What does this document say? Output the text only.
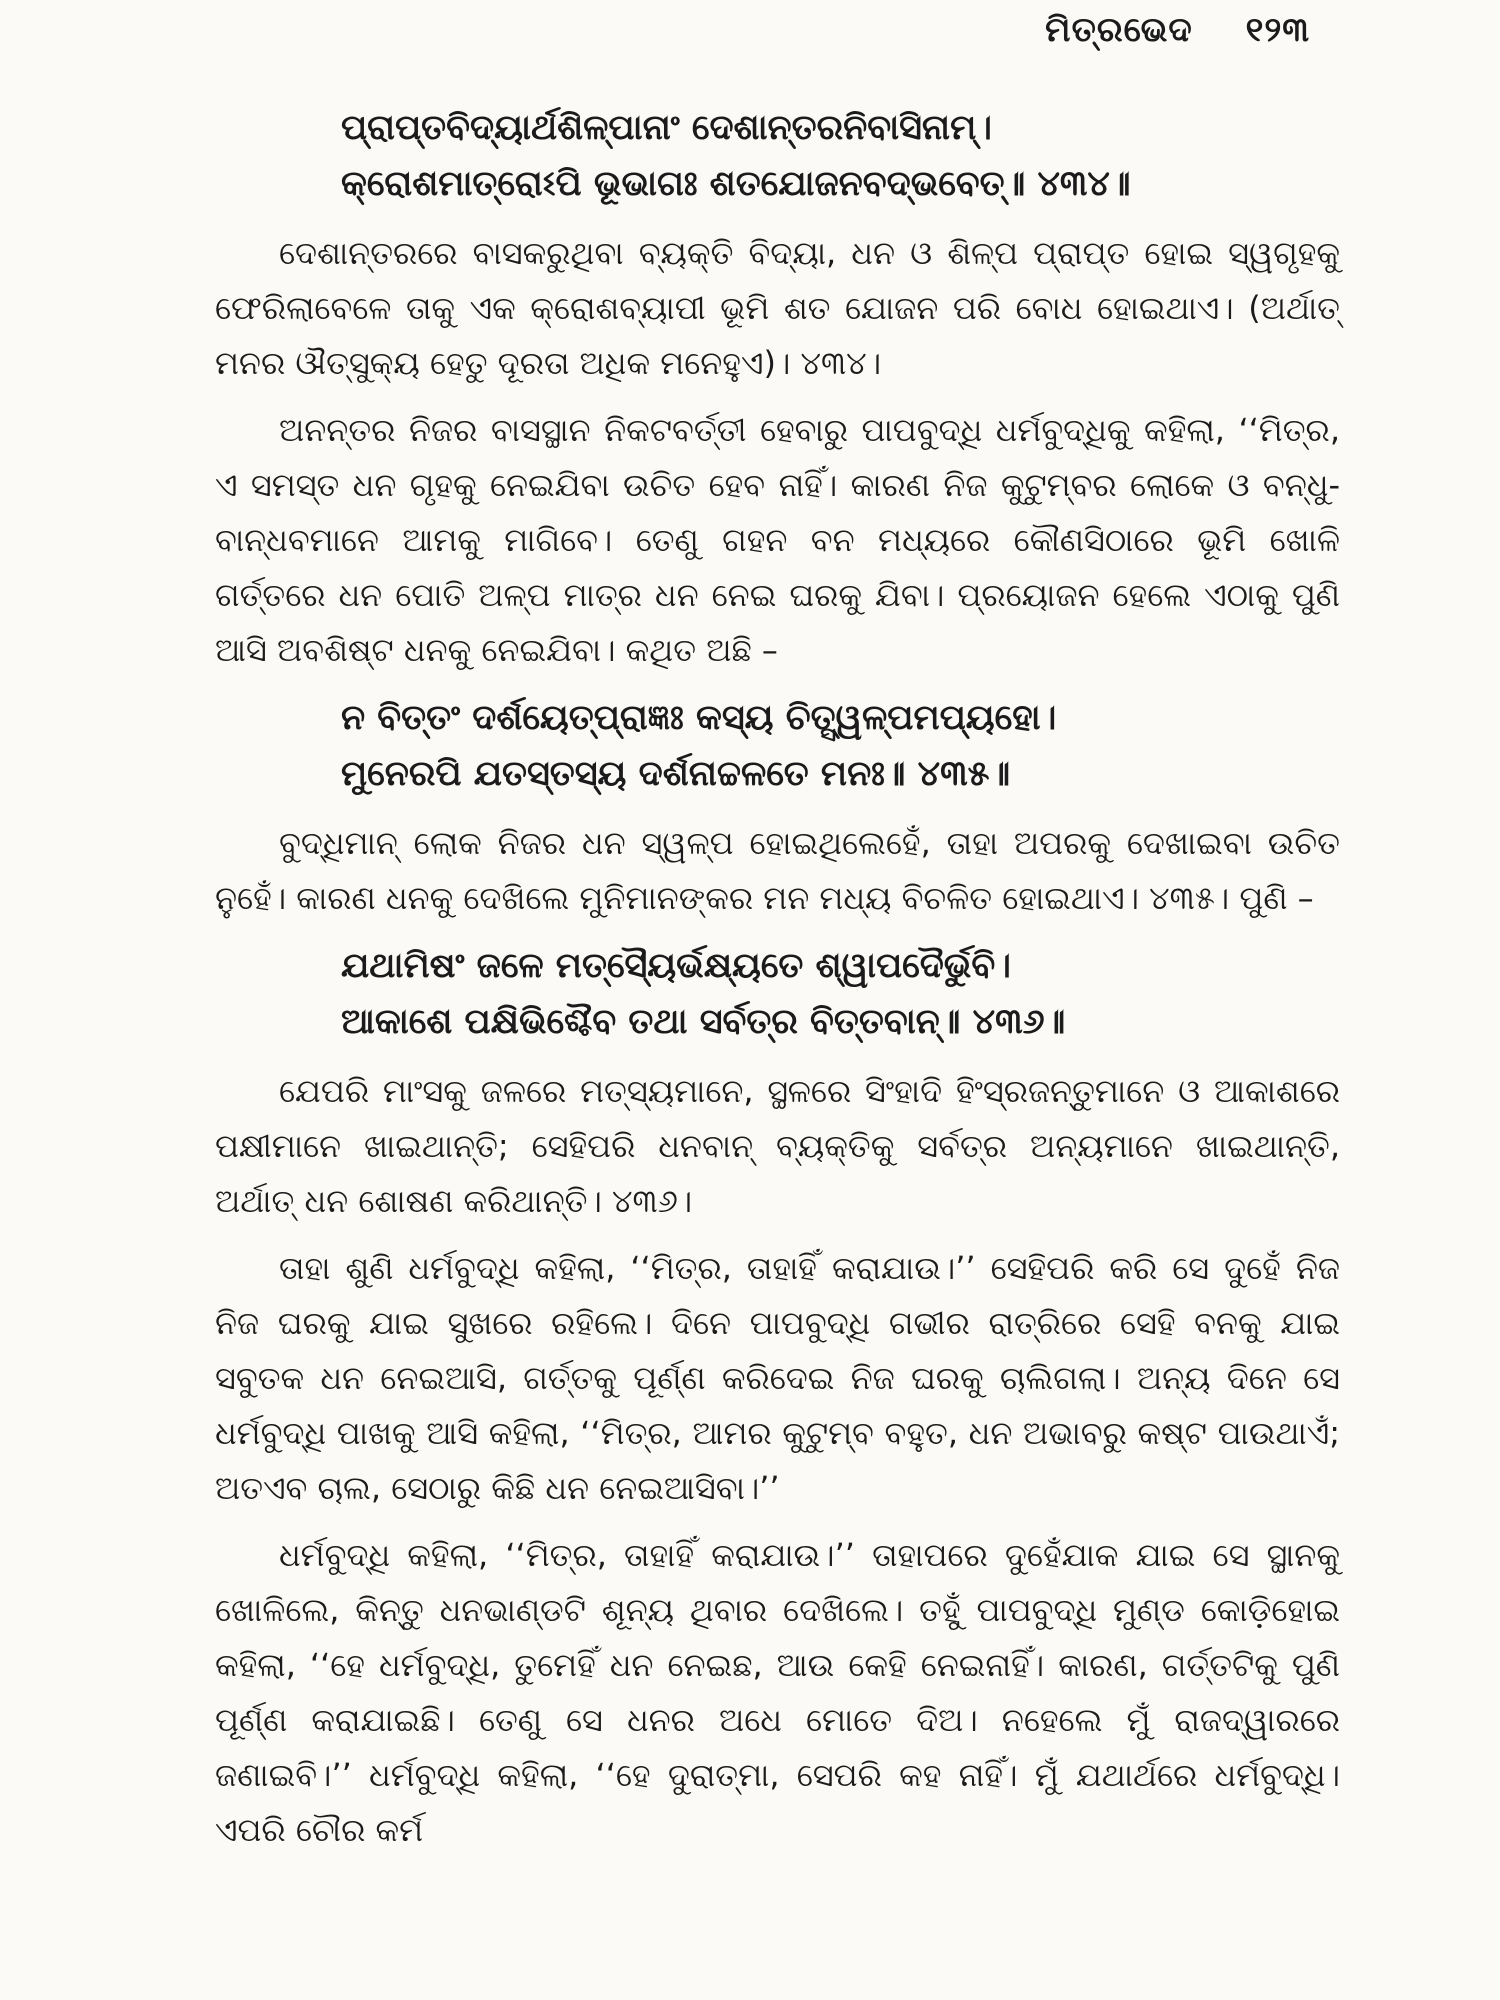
ମିତ୍ରଭେଦ ୧୨୩
ପ୍ରାପ୍ତବିଦ୍ୟାର୍ଥଶିଳ୍ପାନାଂ ଦେଶାନ୍ତରନିବାସିନାମ୍।
କ୍ରୋଶମାତ୍ରୋଽପି ଭୂଭାଗଃ ଶତଯୋଜନବଦ୍‌ଭବେତ୍॥ ୪୩୪॥

ଦେଶାନ୍ତରରେ ବାସକରୁଥିବା ବ୍ୟକ୍ତି ବିଦ୍ୟା, ଧନ ଓ ଶିଳ୍ପ ପ୍ରାପ୍ତ ହୋଇ ସ୍ୱଗୃହକୁ ଫେରିଲାବେଳେ ତାକୁ ଏକ କ୍ରୋଶବ୍ୟାପୀ ଭୂମି ଶତ ଯୋଜନ ପରି ବୋଧ ହୋଇଥାଏ। (ଅର୍ଥାତ୍ ମନର ଔତ୍ସୁକ୍ୟ ହେତୁ ଦୂରତା ଅଧିକ ମନେହୁଏ)। ୪୩୪।

ଅନନ୍ତର ନିଜର ବାସସ୍ଥାନ ନିକଟବର୍ତ୍ତୀ ହେବାରୁ ପାପବୁଦ୍ଧି ଧର୍ମବୁଦ୍ଧିକୁ କହିଲା, ‘‘ମିତ୍ର, ଏ ସମସ୍ତ ଧନ ଗୃହକୁ ନେଇଯିବା ଉଚିତ ହେବ ନାହିଁ। କାରଣ ନିଜ କୁଟୁମ୍ବର ଲୋକେ ଓ ବନ୍ଧୁ-ବାନ୍ଧବମାନେ ଆମକୁ ମାଗିବେ। ତେଣୁ ଗହନ ବନ ମଧ୍ୟରେ କୌଣସିଠାରେ ଭୂମି ଖୋଳି ଗର୍ତ୍ତରେ ଧନ ପୋତି ଅଳ୍ପ ମାତ୍ର ଧନ ନେଇ ଘରକୁ ଯିବା। ପ୍ରୟୋଜନ ହେଲେ ଏଠାକୁ ପୁଣି ଆସି ଅବଶିଷ୍ଟ ଧନକୁ ନେଇଯିବା। କଥିତ ଅଛି –

ନ ବିତ୍ତଂ ଦର୍ଶୟେତ୍‌ପ୍ରାଜ୍ଞଃ କସ୍ୟ ଚିତ୍ସ୍ୱଳ୍ପମପ୍ୟହୋ।
ମୁନେରପି ଯତସ୍ତସ୍ୟ ଦର୍ଶନାଚ୍ଚଳତେ ମନଃ॥ ୪୩୫॥

ବୁଦ୍ଧିମାନ୍ ଲୋକ ନିଜର ଧନ ସ୍ୱଳ୍ପ ହୋଇଥିଲେହେଁ, ତାହା ଅପରକୁ ଦେଖାଇବା ଉଚିତ ନୁହେଁ। କାରଣ ଧନକୁ ଦେଖିଲେ ମୁନିମାନଙ୍କର ମନ ମଧ୍ୟ ବିଚଳିତ ହୋଇଥାଏ। ୪୩୫। ପୁଣି –

ଯଥାମିଷଂ ଜଳେ ମତ୍ସ୍ୟୈର୍ଭକ୍ଷ୍ୟତେ ଶ୍ୱାପଦୈର୍ଭୁବି।
ଆକାଶେ ପକ୍ଷିଭିଶ୍ଚୈବ ତଥା ସର୍ବତ୍ର ବିତ୍ତବାନ୍॥ ୪୩୬॥

ଯେପରି ମାଂସକୁ ଜଳରେ ମତ୍ସ୍ୟମାନେ, ସ୍ଥଳରେ ସିଂହାଦି ହିଂସ୍ରଜନ୍ତୁମାନେ ଓ ଆକାଶରେ ପକ୍ଷୀମାନେ ଖାଇଥାନ୍ତି; ସେହିପରି ଧନବାନ୍ ବ୍ୟକ୍ତିକୁ ସର୍ବତ୍ର ଅନ୍ୟମାନେ ଖାଇଥାନ୍ତି, ଅର୍ଥାତ୍ ଧନ ଶୋଷଣ କରିଥାନ୍ତି। ୪୩୬।

ତାହା ଶୁଣି ଧର୍ମବୁଦ୍ଧି କହିଲା, ‘‘ମିତ୍ର, ତାହାହିଁ କରାଯାଉ।’’ ସେହିପରି କରି ସେ ଦୁହେଁ ନିଜ ନିଜ ଘରକୁ ଯାଇ ସୁଖରେ ରହିଲେ। ଦିନେ ପାପବୁଦ୍ଧି ଗଭୀର ରାତ୍ରିରେ ସେହି ବନକୁ ଯାଇ ସବୁତକ ଧନ ନେଇଆସି, ଗର୍ତ୍ତକୁ ପୂର୍ଣ୍ଣ କରିଦେଇ ନିଜ ଘରକୁ ଚାଲିଗଲା। ଅନ୍ୟ ଦିନେ ସେ ଧର୍ମବୁଦ୍ଧି ପାଖକୁ ଆସି କହିଲା, ‘‘ମିତ୍ର, ଆମର କୁଟୁମ୍ବ ବହୁତ, ଧନ ଅଭାବରୁ କଷ୍ଟ ପାଉଥାଏଁ; ଅତଏବ ଚାଲ, ସେଠାରୁ କିଛି ଧନ ନେଇଆସିବା।’’

ଧର୍ମବୁଦ୍ଧି କହିଲା, ‘‘ମିତ୍ର, ତାହାହିଁ କରାଯାଉ।’’ ତାହାପରେ ଦୁହେଁଯାକ ଯାଇ ସେ ସ୍ଥାନକୁ ଖୋଳିଲେ, କିନ୍ତୁ ଧନଭାଣ୍ଡଟି ଶୂନ୍ୟ ଥିବାର ଦେଖିଲେ। ତହୁଁ ପାପବୁଦ୍ଧି ମୁଣ୍ଡ କୋଡ଼ିହୋଇ କହିଲା, ‘‘ହେ ଧର୍ମବୁଦ୍ଧି, ତୁମେହିଁ ଧନ ନେଇଛ, ଆଉ କେହି ନେଇନାହିଁ। କାରଣ, ଗର୍ତ୍ତଟିକୁ ପୁଣି ପୂର୍ଣ୍ଣ କରାଯାଇଛି। ତେଣୁ ସେ ଧନର ଅଧେ ମୋତେ ଦିଅ। ନହେଲେ ମୁଁ ରାଜଦ୍ୱାରରେ ଜଣାଇବି।’’ ଧର୍ମବୁଦ୍ଧି କହିଲା, ‘‘ହେ ଦୁରାତ୍ମା, ସେପରି କହ ନାହିଁ। ମୁଁ ଯଥାର୍ଥରେ ଧର୍ମବୁଦ୍ଧି। ଏପରି ଚୌର କର୍ମ
